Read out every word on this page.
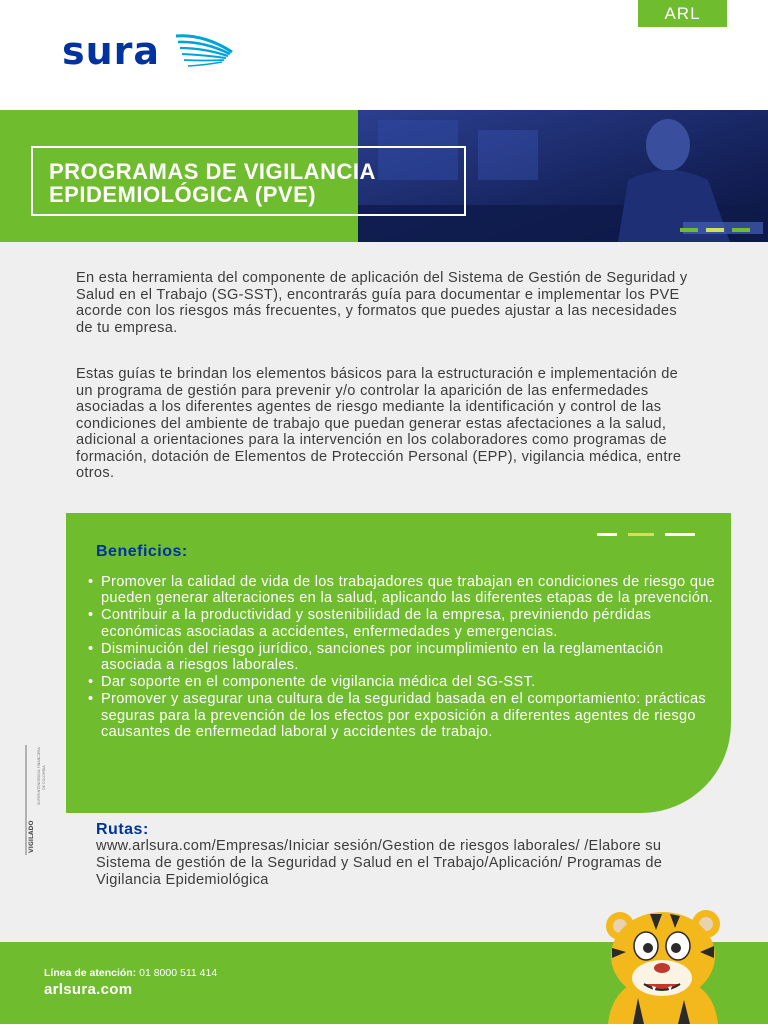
ARL
sura
PROGRAMAS DE VIGILANCIA
EPIDEMIOLÓGICA (PVE)
En esta herramienta del componente de aplicación del Sistema de Gestión de Seguridad y Salud en el Trabajo (SG-SST), encontrarás guía para documentar e implementar los PVE acorde con los riesgos más frecuentes, y formatos que puedes ajustar a las necesidades de tu empresa.
Estas guías te brindan los elementos básicos para la estructuración e implementación de un programa de gestión para prevenir y/o controlar la aparición de las enfermedades asociadas a los diferentes agentes de riesgo mediante la identificación y control de las condiciones del ambiente de trabajo que puedan generar estas afectaciones a la salud, adicional a orientaciones para la intervención en los colaboradores como programas de formación, dotación de Elementos de Protección Personal (EPP), vigilancia médica, entre otros.
Beneficios:
• Promover la calidad de vida de los trabajadores que trabajan en condiciones de riesgo que pueden generar alteraciones en la salud, aplicando las diferentes etapas de la prevención.
• Contribuir a la productividad y sostenibilidad de la empresa, previniendo pérdidas económicas asociadas a accidentes, enfermedades y emergencias.
• Disminución del riesgo jurídico, sanciones por incumplimiento en la reglamentación asociada a riesgos laborales.
• Dar soporte en el componente de vigilancia médica del SG-SST.
• Promover y asegurar una cultura de la seguridad basada en el comportamiento: prácticas seguras para la prevención de los efectos por exposición a diferentes agentes de riesgo causantes de enfermedad laboral y accidentes de trabajo.
Rutas:
www.arlsura.com/Empresas/Iniciar sesión/Gestion de riesgos laborales/ /Elabore su Sistema de gestión de la Seguridad y Salud en el Trabajo/Aplicación/ Programas de Vigilancia Epidemiológica
VIGILADO
SUPERINTENDENCIA FINANCIERA DE COLOMBIA
Línea de atención: 01 8000 511 414
arlsura.com
